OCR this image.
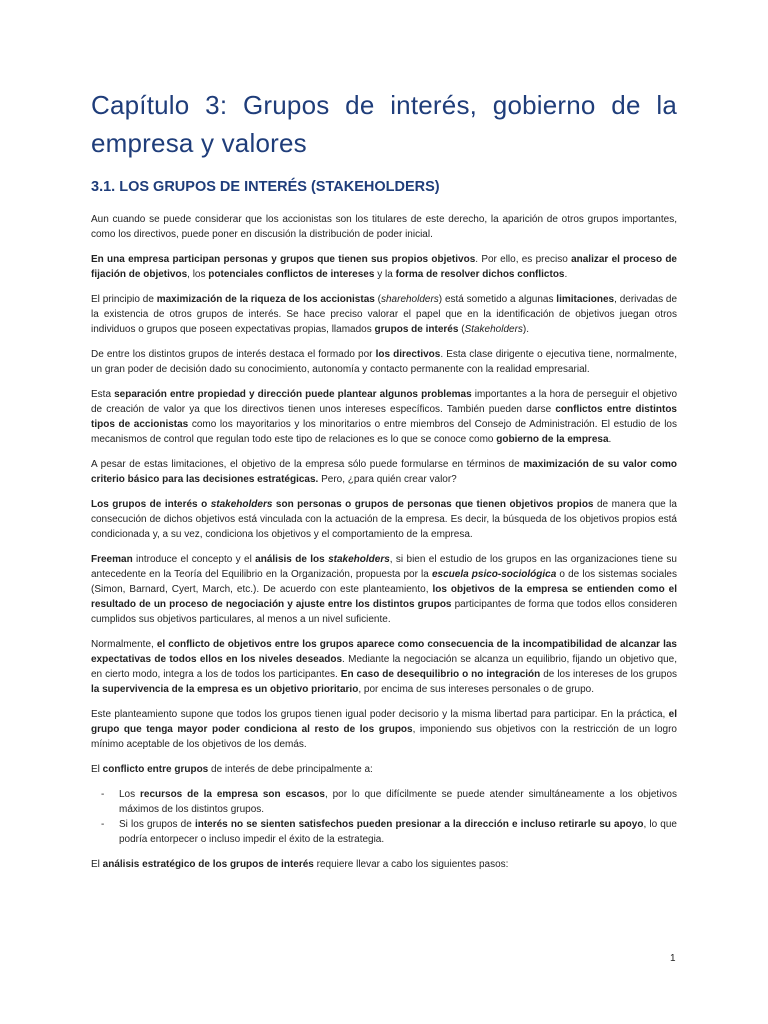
Capítulo 3: Grupos de interés, gobierno de la empresa y valores
3.1. LOS GRUPOS DE INTERÉS (STAKEHOLDERS)

Aun cuando se puede considerar que los accionistas son los titulares de este derecho, la aparición de otros grupos importantes, como los directivos, puede poner en discusión la distribución de poder inicial.

En una empresa participan personas y grupos que tienen sus propios objetivos. Por ello, es preciso analizar el proceso de fijación de objetivos, los potenciales conflictos de intereses y la forma de resolver dichos conflictos.

El principio de maximización de la riqueza de los accionistas (shareholders) está sometido a algunas limitaciones, derivadas de la existencia de otros grupos de interés. Se hace preciso valorar el papel que en la identificación de objetivos juegan otros individuos o grupos que poseen expectativas propias, llamados grupos de interés (Stakeholders).

De entre los distintos grupos de interés destaca el formado por los directivos. Esta clase dirigente o ejecutiva tiene, normalmente, un gran poder de decisión dado su conocimiento, autonomía y contacto permanente con la realidad empresarial.

Esta separación entre propiedad y dirección puede plantear algunos problemas importantes a la hora de perseguir el objetivo de creación de valor ya que los directivos tienen unos intereses específicos. También pueden darse conflictos entre distintos tipos de accionistas como los mayoritarios y los minoritarios o entre miembros del Consejo de Administración. El estudio de los mecanismos de control que regulan todo este tipo de relaciones es lo que se conoce como gobierno de la empresa.

A pesar de estas limitaciones, el objetivo de la empresa sólo puede formularse en términos de maximización de su valor como criterio básico para las decisiones estratégicas. Pero, ¿para quién crear valor?

Los grupos de interés o stakeholders son personas o grupos de personas que tienen objetivos propios de manera que la consecución de dichos objetivos está vinculada con la actuación de la empresa. Es decir, la búsqueda de los objetivos propios está condicionada y, a su vez, condiciona los objetivos y el comportamiento de la empresa.

Freeman introduce el concepto y el análisis de los stakeholders, si bien el estudio de los grupos en las organizaciones tiene su antecedente en la Teoría del Equilibrio en la Organización, propuesta por la escuela psico-sociológica o de los sistemas sociales (Simon, Barnard, Cyert, March, etc.). De acuerdo con este planteamiento, los objetivos de la empresa se entienden como el resultado de un proceso de negociación y ajuste entre los distintos grupos participantes de forma que todos ellos consideren cumplidos sus objetivos particulares, al menos a un nivel suficiente.

Normalmente, el conflicto de objetivos entre los grupos aparece como consecuencia de la incompatibilidad de alcanzar las expectativas de todos ellos en los niveles deseados. Mediante la negociación se alcanza un equilibrio, fijando un objetivo que, en cierto modo, integra a los de todos los participantes. En caso de desequilibrio o no integración de los intereses de los grupos la supervivencia de la empresa es un objetivo prioritario, por encima de sus intereses personales o de grupo.

Este planteamiento supone que todos los grupos tienen igual poder decisorio y la misma libertad para participar. En la práctica, el grupo que tenga mayor poder condiciona al resto de los grupos, imponiendo sus objetivos con la restricción de un logro mínimo aceptable de los objetivos de los demás.

El conflicto entre grupos de interés de debe principalmente a:

- Los recursos de la empresa son escasos, por lo que difícilmente se puede atender simultáneamente a los objetivos máximos de los distintos grupos.
- Si los grupos de interés no se sienten satisfechos pueden presionar a la dirección e incluso retirarle su apoyo, lo que podría entorpecer o incluso impedir el éxito de la estrategia.

El análisis estratégico de los grupos de interés requiere llevar a cabo los siguientes pasos:

1
